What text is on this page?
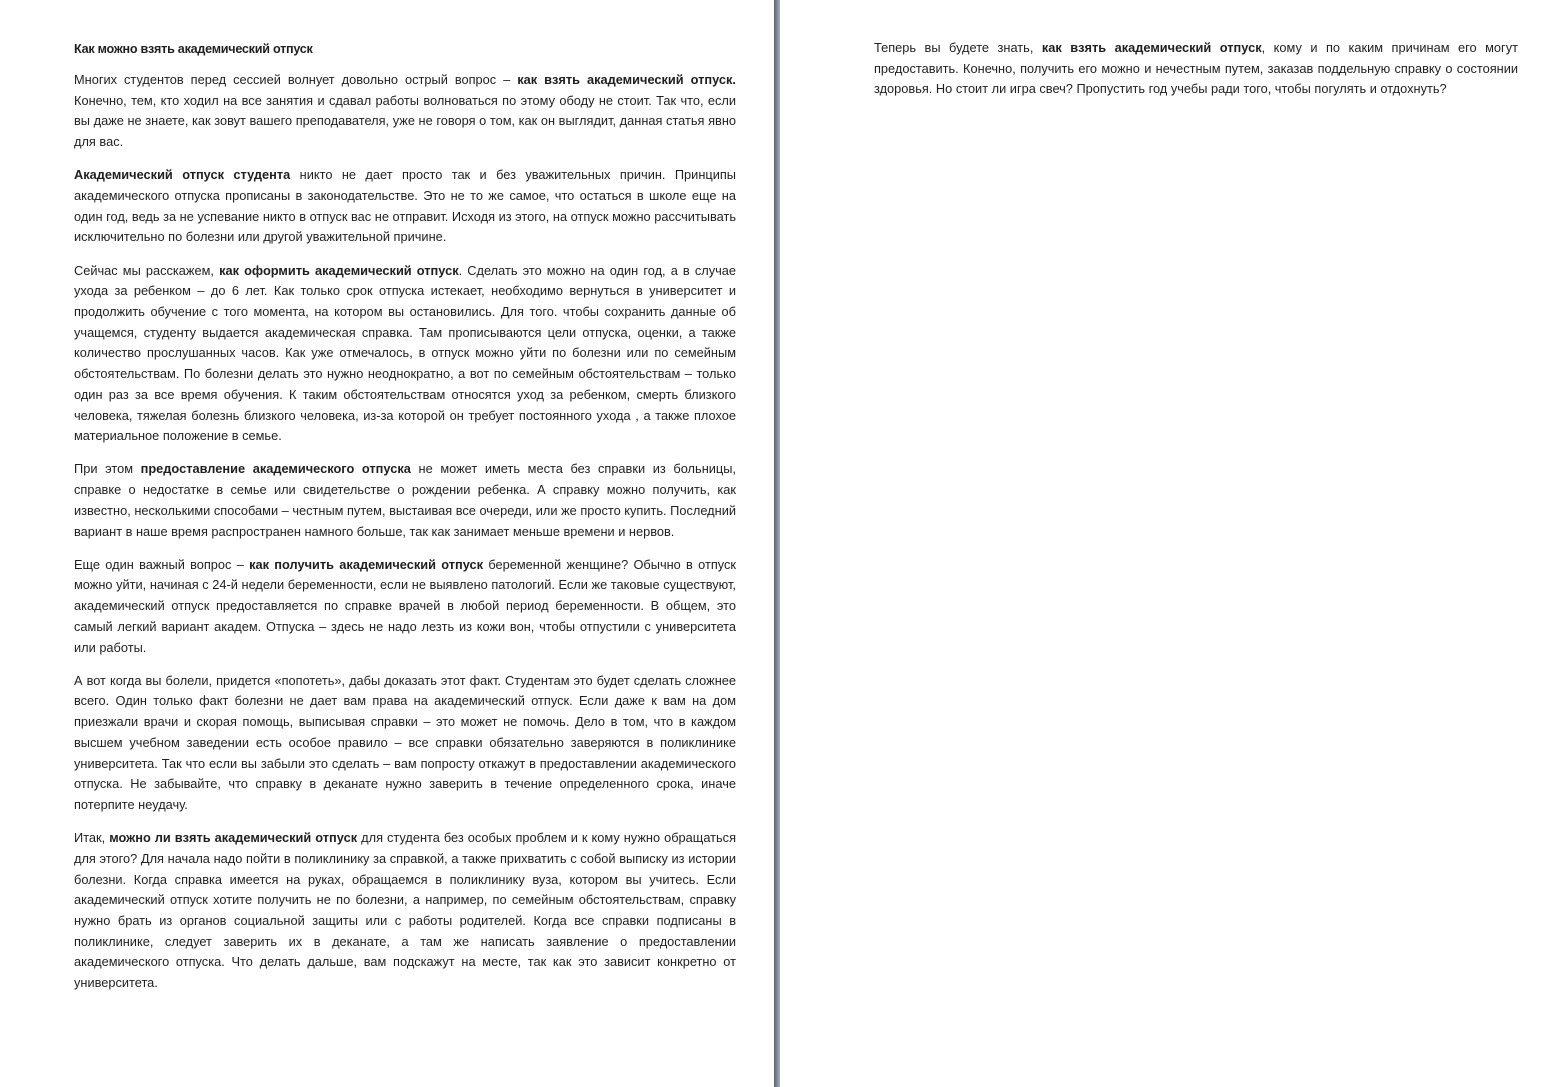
Как можно взять академический отпуск

Многих студентов перед сессией волнует довольно острый вопрос – как взять академический отпуск. Конечно, тем, кто ходил на все занятия и сдавал работы волноваться по этому ободу не стоит. Так что, если вы даже не знаете, как зовут вашего преподавателя, уже не говоря о том, как он выглядит, данная статья явно для вас.

Академический отпуск студента никто не дает просто так и без уважительных причин. Принципы академического отпуска прописаны в законодательстве. Это не то же самое, что остаться в школе еще на один год, ведь за не успевание никто в отпуск вас не отправит. Исходя из этого, на отпуск можно рассчитывать исключительно по болезни или другой уважительной причине.

Сейчас мы расскажем, как оформить академический отпуск. Сделать это можно на один год, а в случае ухода за ребенком – до 6 лет. Как только срок отпуска истекает, необходимо вернуться в университет и продолжить обучение с того момента, на котором вы остановились. Для того. чтобы сохранить данные об учащемся, студенту выдается академическая справка. Там прописываются цели отпуска, оценки, а также количество прослушанных часов. Как уже отмечалось, в отпуск можно уйти по болезни или по семейным обстоятельствам. По болезни делать это нужно неоднократно, а вот по семейным обстоятельствам – только один раз за все время обучения. К таким обстоятельствам относятся уход за ребенком, смерть близкого человека, тяжелая болезнь близкого человека, из-за которой он требует постоянного ухода , а также плохое материальное положение в семье.

При этом предоставление академического отпуска не может иметь места без справки из больницы, справке о недостатке в семье или свидетельстве о рождении ребенка. А справку можно получить, как известно, несколькими способами – честным путем, выстаивая все очереди, или же просто купить. Последний вариант в наше время распространен намного больше, так как занимает меньше времени и нервов.

Еще один важный вопрос – как получить академический отпуск беременной женщине? Обычно в отпуск можно уйти, начиная с 24-й недели беременности, если не выявлено патологий. Если же таковые существуют, академический отпуск предоставляется по справке врачей в любой период беременности. В общем, это самый легкий вариант академ. Отпуска – здесь не надо лезть из кожи вон, чтобы отпустили с университета или работы.

А вот когда вы болели, придется «попотеть», дабы доказать этот факт. Студентам это будет сделать сложнее всего. Один только факт болезни не дает вам права на академический отпуск. Если даже к вам на дом приезжали врачи и скорая помощь, выписывая справки – это может не помочь. Дело в том, что в каждом высшем учебном заведении есть особое правило – все справки обязательно заверяются в поликлинике университета. Так что если вы забыли это сделать – вам попросту откажут в предоставлении академического отпуска. Не забывайте, что справку в деканате нужно заверить в течение определенного срока, иначе потерпите неудачу.

Итак, можно ли взять академический отпуск для студента без особых проблем и к кому нужно обращаться для этого? Для начала надо пойти в поликлинику за справкой, а также прихватить с собой выписку из истории болезни. Когда справка имеется на руках, обращаемся в поликлинику вуза, котором вы учитесь. Если академический отпуск хотите получить не по болезни, а например, по семейным обстоятельствам, справку нужно брать из органов социальной защиты или с работы родителей. Когда все справки подписаны в поликлинике, следует заверить их в деканате, а там же написать заявление о предоставлении академического отпуска. Что делать дальше, вам подскажут на месте, так как это зависит конкретно от университета.

Теперь вы будете знать, как взять академический отпуск, кому и по каким причинам его могут предоставить. Конечно, получить его можно и нечестным путем, заказав поддельную справку о состоянии здоровья. Но стоит ли игра свеч? Пропустить год учебы ради того, чтобы погулять и отдохнуть?
